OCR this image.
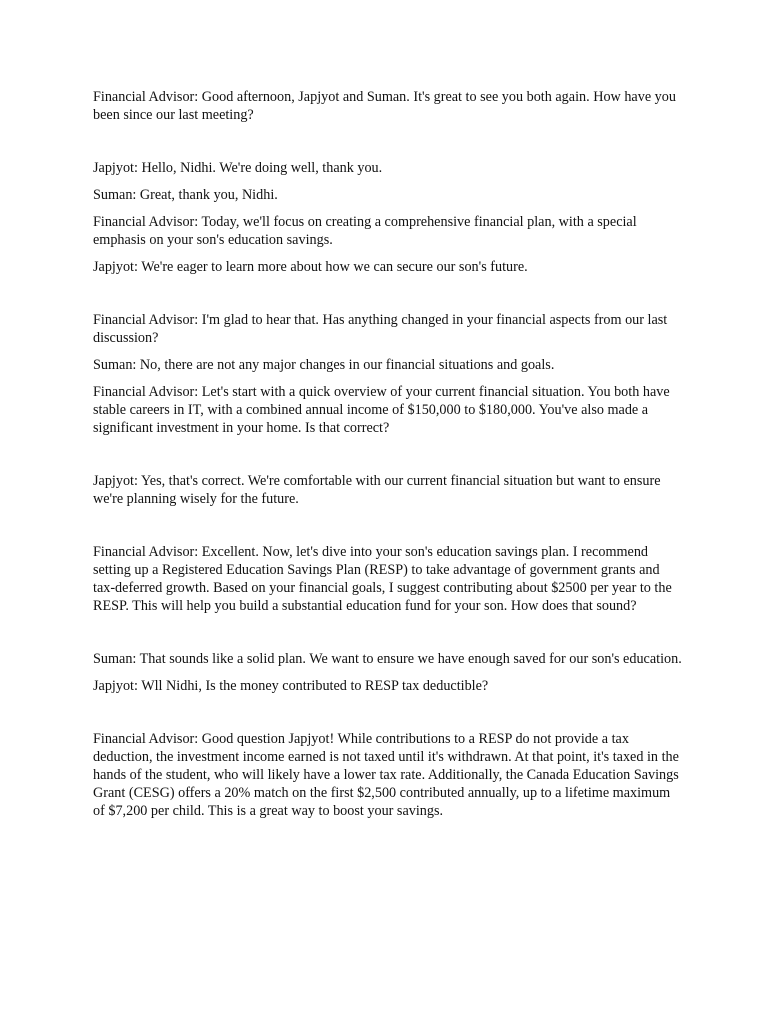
Financial Advisor: Good afternoon, Japjyot and Suman. It's great to see you both again. How have you been since our last meeting?

Japjyot: Hello, Nidhi. We're doing well, thank you.

Suman: Great, thank you, Nidhi.

Financial Advisor: Today, we'll focus on creating a comprehensive financial plan, with a special emphasis on your son's education savings.

Japjyot: We're eager to learn more about how we can secure our son's future.

Financial Advisor: I'm glad to hear that. Has anything changed in your financial aspects from our last discussion?

Suman: No, there are not any major changes in our financial situations and goals.

Financial Advisor: Let's start with a quick overview of your current financial situation. You both have stable careers in IT, with a combined annual income of $150,000 to $180,000. You've also made a significant investment in your home. Is that correct?

Japjyot: Yes, that's correct. We're comfortable with our current financial situation but want to ensure we're planning wisely for the future.

Financial Advisor: Excellent. Now, let's dive into your son's education savings plan. I recommend setting up a Registered Education Savings Plan (RESP) to take advantage of government grants and tax-deferred growth. Based on your financial goals, I suggest contributing about $2500 per year to the RESP. This will help you build a substantial education fund for your son. How does that sound?

Suman: That sounds like a solid plan. We want to ensure we have enough saved for our son's education.

Japjyot: Wll Nidhi, Is the money contributed to RESP tax deductible?

Financial Advisor: Good question Japjyot! While contributions to a RESP do not provide a tax deduction, the investment income earned is not taxed until it's withdrawn. At that point, it's taxed in the hands of the student, who will likely have a lower tax rate. Additionally, the Canada Education Savings Grant (CESG) offers a 20% match on the first $2,500 contributed annually, up to a lifetime maximum of $7,200 per child. This is a great way to boost your savings.
